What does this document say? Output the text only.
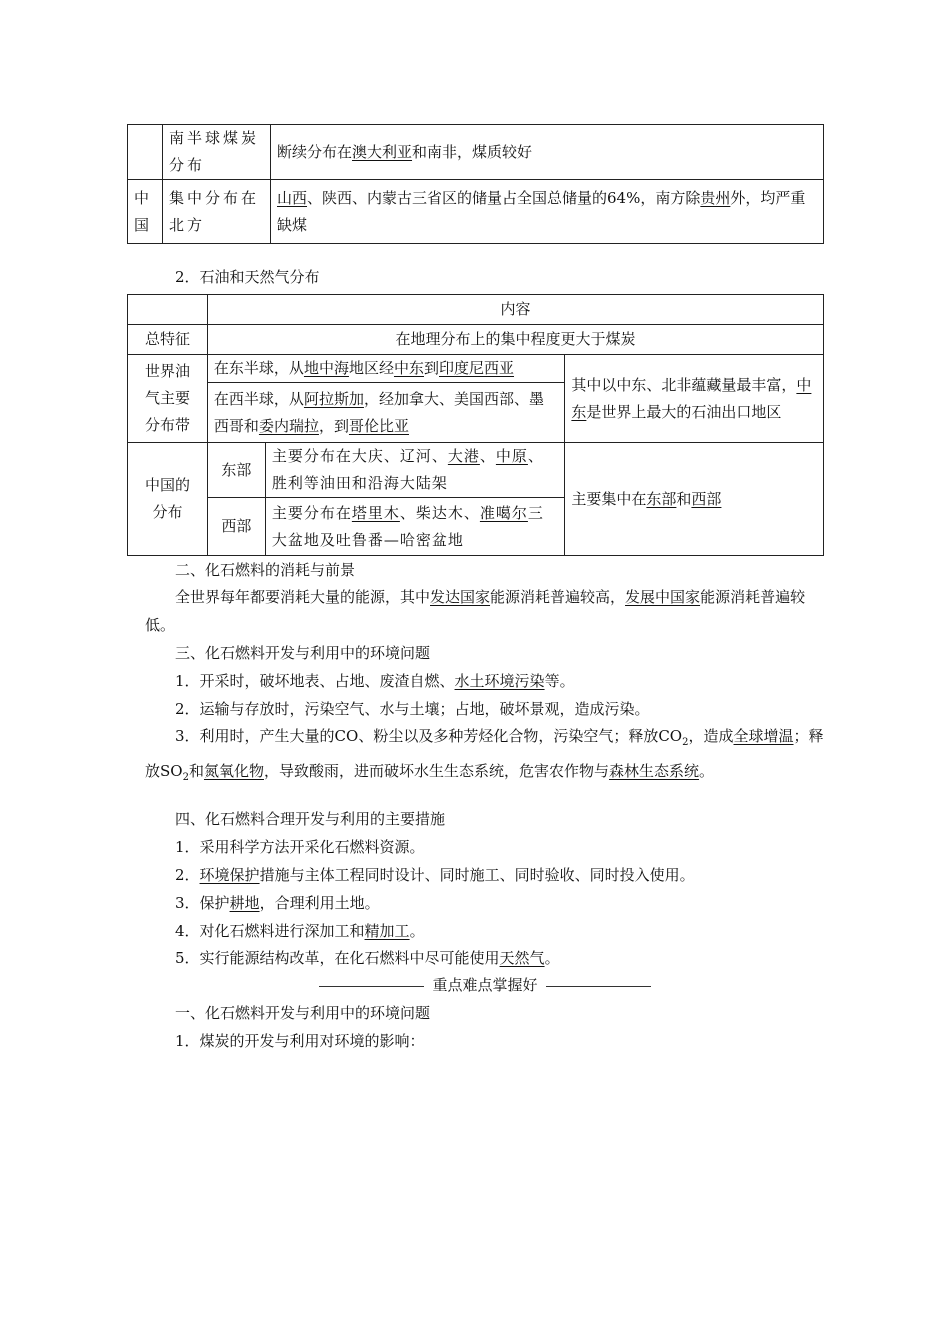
	南半球煤炭分布	断续分布在澳大利亚和南非，煤质较好
中国	集中分布在北方	山西、陕西、内蒙古三省区的储量占全国总储量的64%，南方除贵州外，均严重缺煤
2．石油和天然气分布
	内容		
总特征	在地理分布上的集中程度更大于煤炭		
世界油气主要分布带	在东半球，从地中海地区经中东到印度尼西亚		其中以中东、北非蕴藏量最丰富，中东是世界上最大的石油出口地区
	在西半球，从阿拉斯加，经加拿大、美国西部、墨西哥和委内瑞拉，到哥伦比亚		
中国的分布	东部	主要分布在大庆、辽河、大港、中原、胜利等油田和沿海大陆架	主要集中在东部和西部
	西部	主要分布在塔里木、柴达木、准噶尔三大盆地及吐鲁番—哈密盆地	
二、化石燃料的消耗与前景
全世界每年都要消耗大量的能源，其中发达国家能源消耗普遍较高，发展中国家能源消耗普遍较低。
三、化石燃料开发与利用中的环境问题
1．开采时，破坏地表、占地、废渣自燃、水土环境污染等。
2．运输与存放时，污染空气、水与土壤；占地，破坏景观，造成污染。
3．利用时，产生大量的CO、粉尘以及多种芳烃化合物，污染空气；释放$CO_2$，造成全球增温；释放$SO_2$和氮氧化物，导致酸雨，进而破坏水生生态系统，危害农作物与森林生态系统。
四、化石燃料合理开发与利用的主要措施
1．采用科学方法开采化石燃料资源。
2．环境保护措施与主体工程同时设计、同时施工、同时验收、同时投入使用。
3．保护耕地，合理利用土地。
4．对化石燃料进行深加工和精加工。
5．实行能源结构改革，在化石燃料中尽可能使用天然气。
重点难点掌握好
一、化石燃料开发与利用中的环境问题
1．煤炭的开发与利用对环境的影响：
